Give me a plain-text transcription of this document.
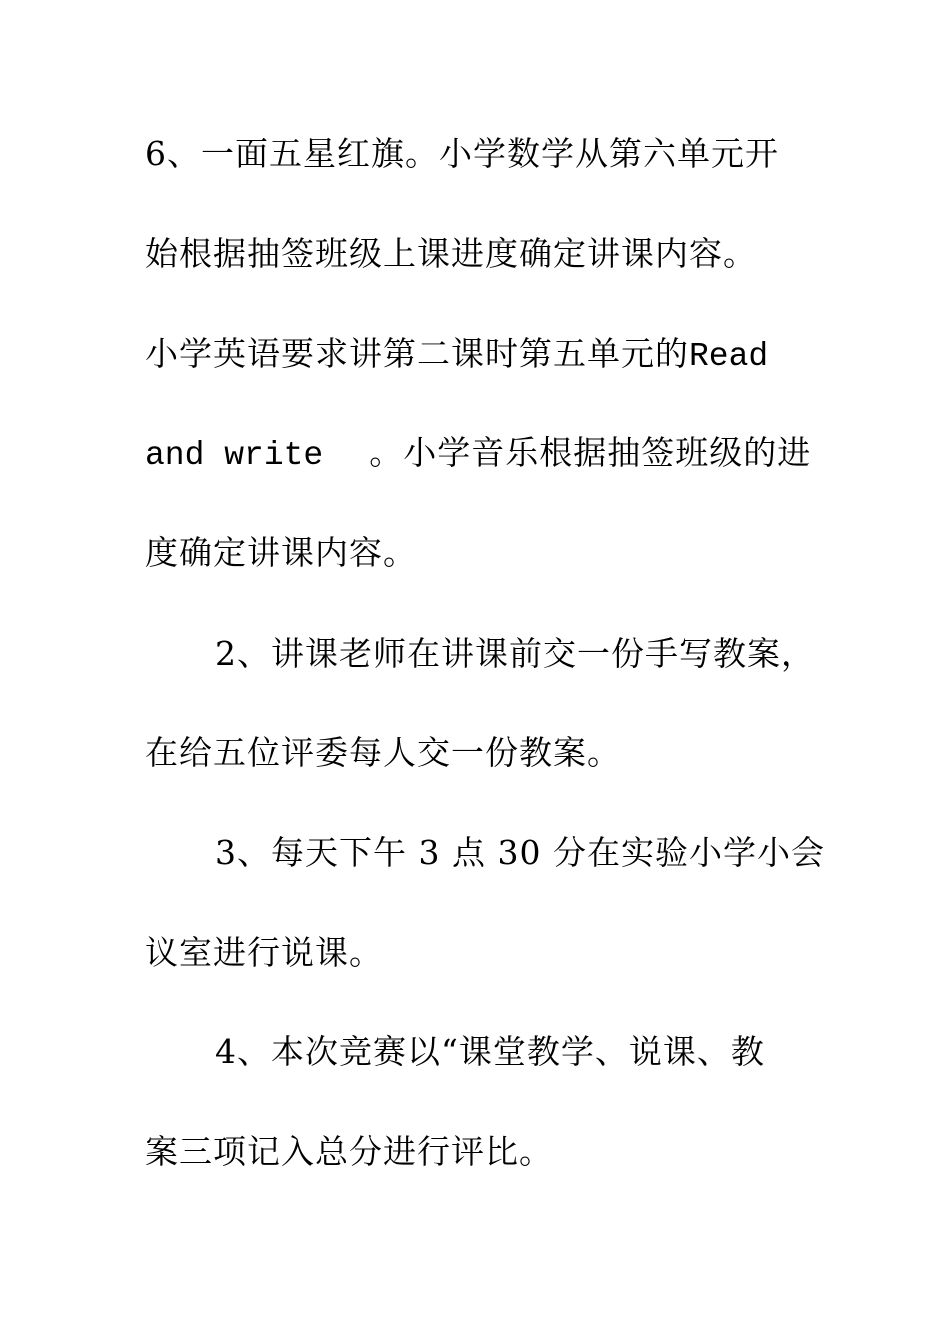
6、一面五星红旗。小学数学从第六单元开
始根据抽签班级上课进度确定讲课内容。
小学英语要求讲第二课时第五单元的Read
and write 。小学音乐根据抽签班级的进
度确定讲课内容。
2、讲课老师在讲课前交一份手写教案，
在给五位评委每人交一份教案。
3、每天下午 3 点 30 分在实验小学小会
议室进行说课。
4、本次竞赛以“课堂教学、说课、教
案三项记入总分进行评比。
